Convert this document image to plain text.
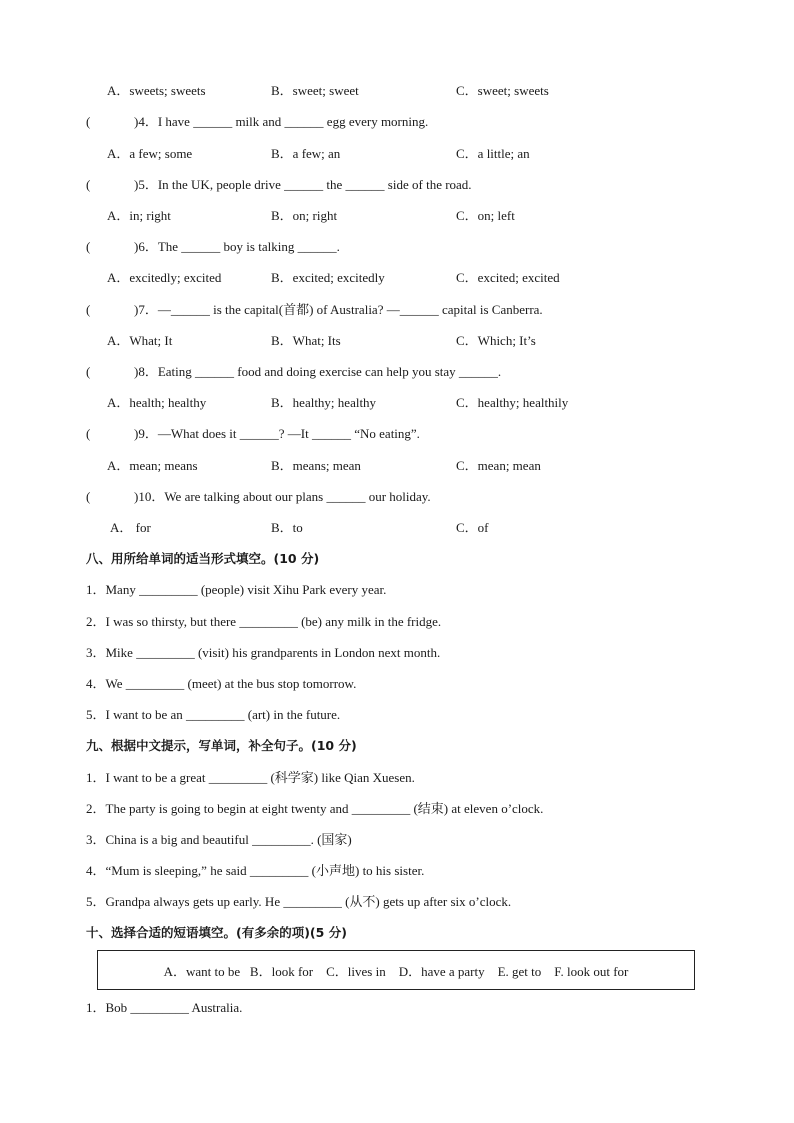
A．sweets; sweets	B．sweet; sweet	C．sweet; sweets
(	)4．I have ______ milk and ______ egg every morning.
A．a few; some	B．a few; an	C．a little; an
(	)5．In the UK, people drive ______ the ______ side of the road.
A．in; right	B．on; right	C．on; left
(	)6．The ______ boy is talking ______.
A．excitedly; excited	B．excited; excitedly	C．excited; excited
(	)7．—______ is the capital(首都) of Australia? —______ capital is Canberra.
A．What; It	B．What; Its	C．Which; It’s
(	)8．Eating ______ food and doing exercise can help you stay ______.
A．health; healthy	B．healthy; healthy	C．healthy; healthily
(	)9．—What does it ______? —It ______ “No eating”.
A．mean; means	B．means; mean	C．mean; mean
(	)10．We are talking about our plans ______ our holiday.
A． for	B．to	C．of
八、用所给单词的适当形式填空。(10 分)
1．Many _________ (people) visit Xihu Park every year.
2．I was so thirsty, but there _________ (be) any milk in the fridge.
3．Mike _________ (visit) his grandparents in London next month.
4．We _________ (meet) at the bus stop tomorrow.
5．I want to be an _________ (art) in the future.
九、根据中文提示，写单词，补全句子。(10 分)
1．I want to be a great _________ (科学家) like Qian Xuesen.
2．The party is going to begin at eight twenty and _________ (结束) at eleven o’clock.
3．China is a big and beautiful _________. (国家)
4．“Mum is sleeping,” he said _________ (小声地) to his sister.
5．Grandpa always gets up early. He _________ (从不) gets up after six o’clock.
十、选择合适的短语填空。(有多余的项)(5 分)
A．want to be   B．look for    C．lives in    D．have a party    E. get to    F. look out for
1．Bob _________ Australia.
